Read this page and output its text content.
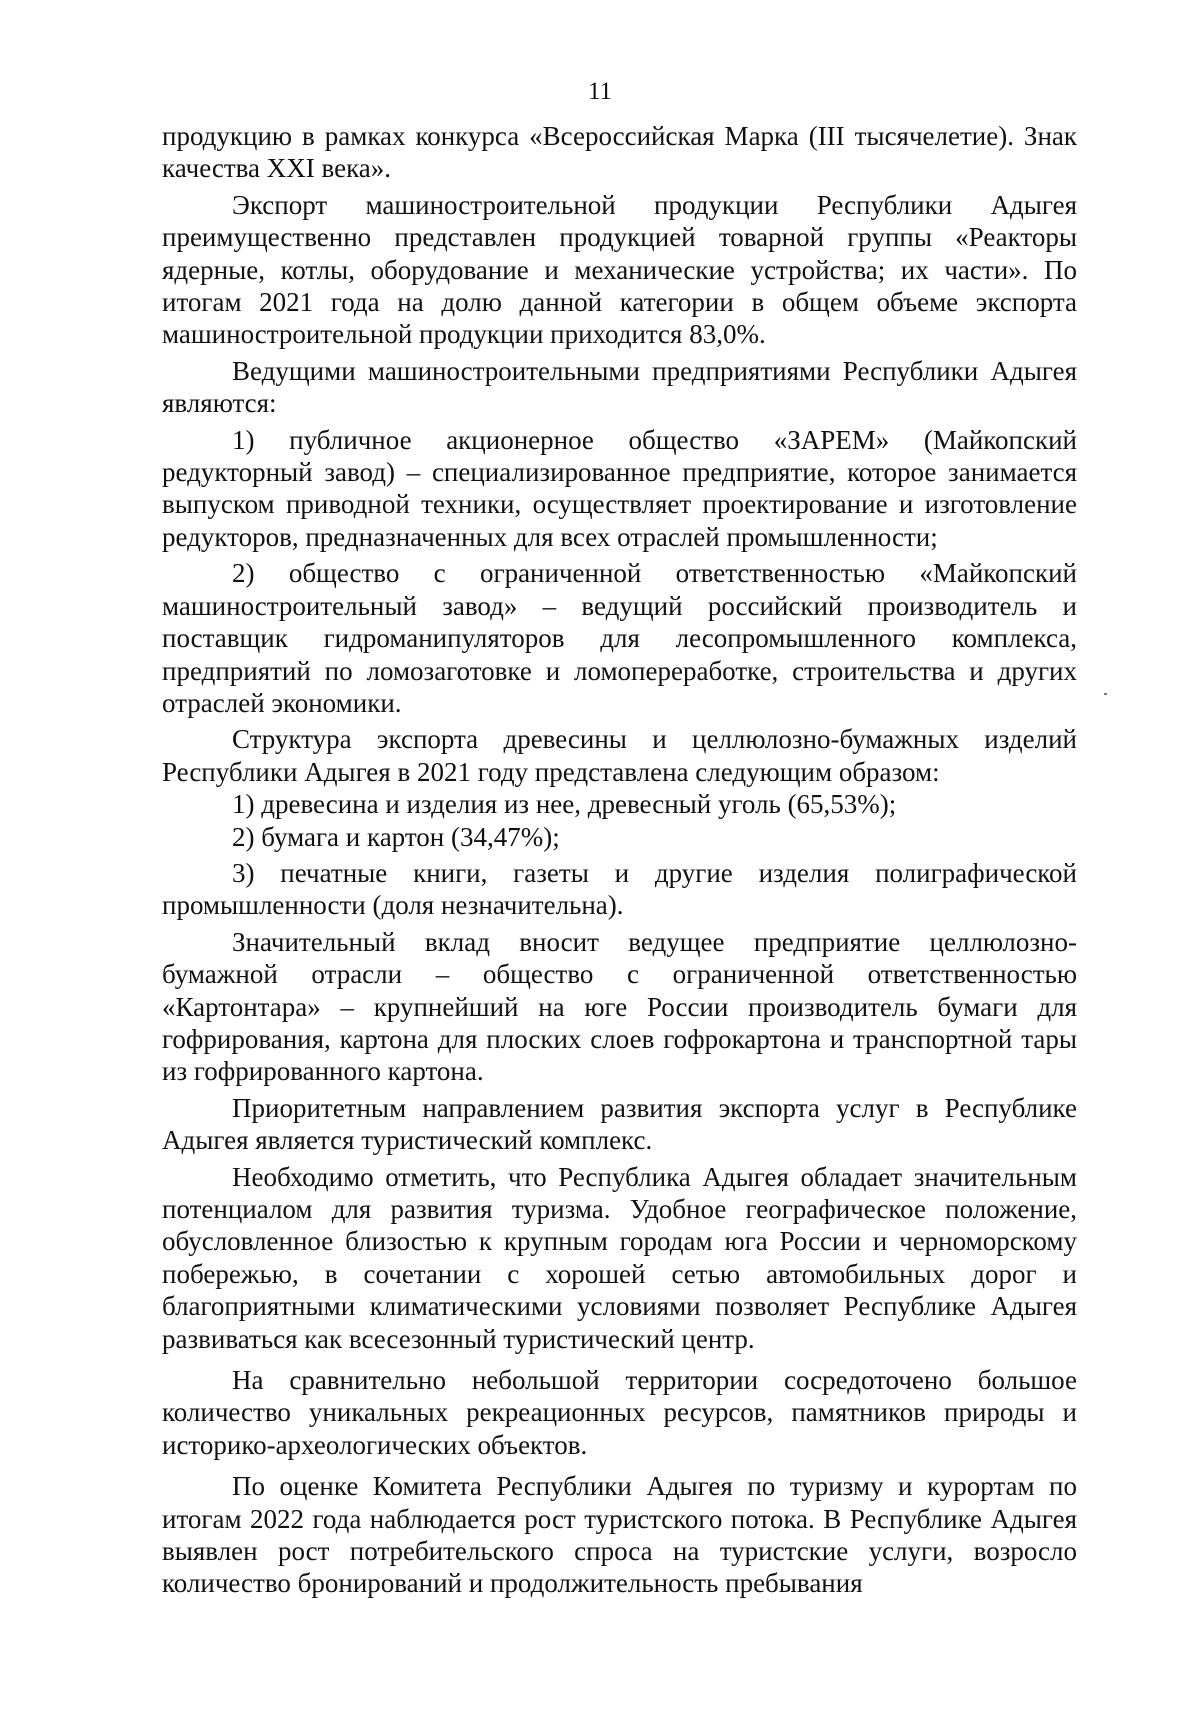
11

продукцию в рамках конкурса «Всероссийская Марка (III тысячелетие). Знак качества XXI века».

Экспорт машиностроительной продукции Республики Адыгея преимущественно представлен продукцией товарной группы «Реакторы ядерные, котлы, оборудование и механические устройства; их части». По итогам 2021 года на долю данной категории в общем объеме экспорта машиностроительной продукции приходится 83,0%.

Ведущими машиностроительными предприятиями Республики Адыгея являются:

1) публичное акционерное общество «ЗАРЕМ» (Майкопский редукторный завод) – специализированное предприятие, которое занимается выпуском приводной техники, осуществляет проектирование и изготовление редукторов, предназначенных для всех отраслей промышленности;

2) общество с ограниченной ответственностью «Майкопский машиностроительный завод» – ведущий российский производитель и поставщик гидроманипуляторов для лесопромышленного комплекса, предприятий по ломозаготовке и ломопереработке, строительства и других отраслей экономики.

Структура экспорта древесины и целлюлозно-бумажных изделий Республики Адыгея в 2021 году представлена следующим образом:

1) древесина и изделия из нее, древесный уголь (65,53%);

2) бумага и картон (34,47%);

3) печатные книги, газеты и другие изделия полиграфической промышленности (доля незначительна).

Значительный вклад вносит ведущее предприятие целлюлозно-бумажной отрасли – общество с ограниченной ответственностью «Картонтара» – крупнейший на юге России производитель бумаги для гофрирования, картона для плоских слоев гофрокартона и транспортной тары из гофрированного картона.

Приоритетным направлением развития экспорта услуг в Республике Адыгея является туристический комплекс.

Необходимо отметить, что Республика Адыгея обладает значительным потенциалом для развития туризма. Удобное географическое положение, обусловленное близостью к крупным городам юга России и черноморскому побережью, в сочетании с хорошей сетью автомобильных дорог и благоприятными климатическими условиями позволяет Республике Адыгея развиваться как всесезонный туристический центр.

На сравнительно небольшой территории сосредоточено большое количество уникальных рекреационных ресурсов, памятников природы и историко-археологических объектов.

По оценке Комитета Республики Адыгея по туризму и курортам по итогам 2022 года наблюдается рост туристского потока. В Республике Адыгея выявлен рост потребительского спроса на туристские услуги, возросло количество бронирований и продолжительность пребывания
